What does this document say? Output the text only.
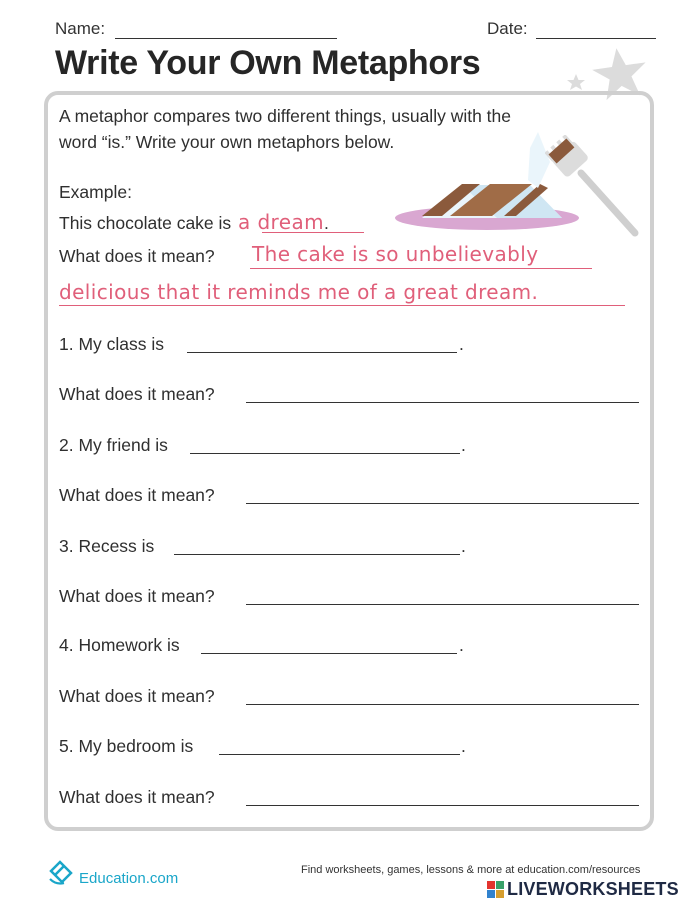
Name:	Date:
Write Your Own Metaphors
A metaphor compares two different things, usually with the
word “is.” Write your own metaphors below.
Example:
This chocolate cake is a dream.
What does it mean? The cake is so unbelievably
delicious that it reminds me of a great dream.
1. My class is	.
What does it mean?
2. My friend is	.
What does it mean?
3. Recess is	.
What does it mean?
4. Homework is	.
What does it mean?
5. My bedroom is	.
What does it mean?
Education.com	Find worksheets, games, lessons & more at education.com/resources
LIVEWORKSHEETS
